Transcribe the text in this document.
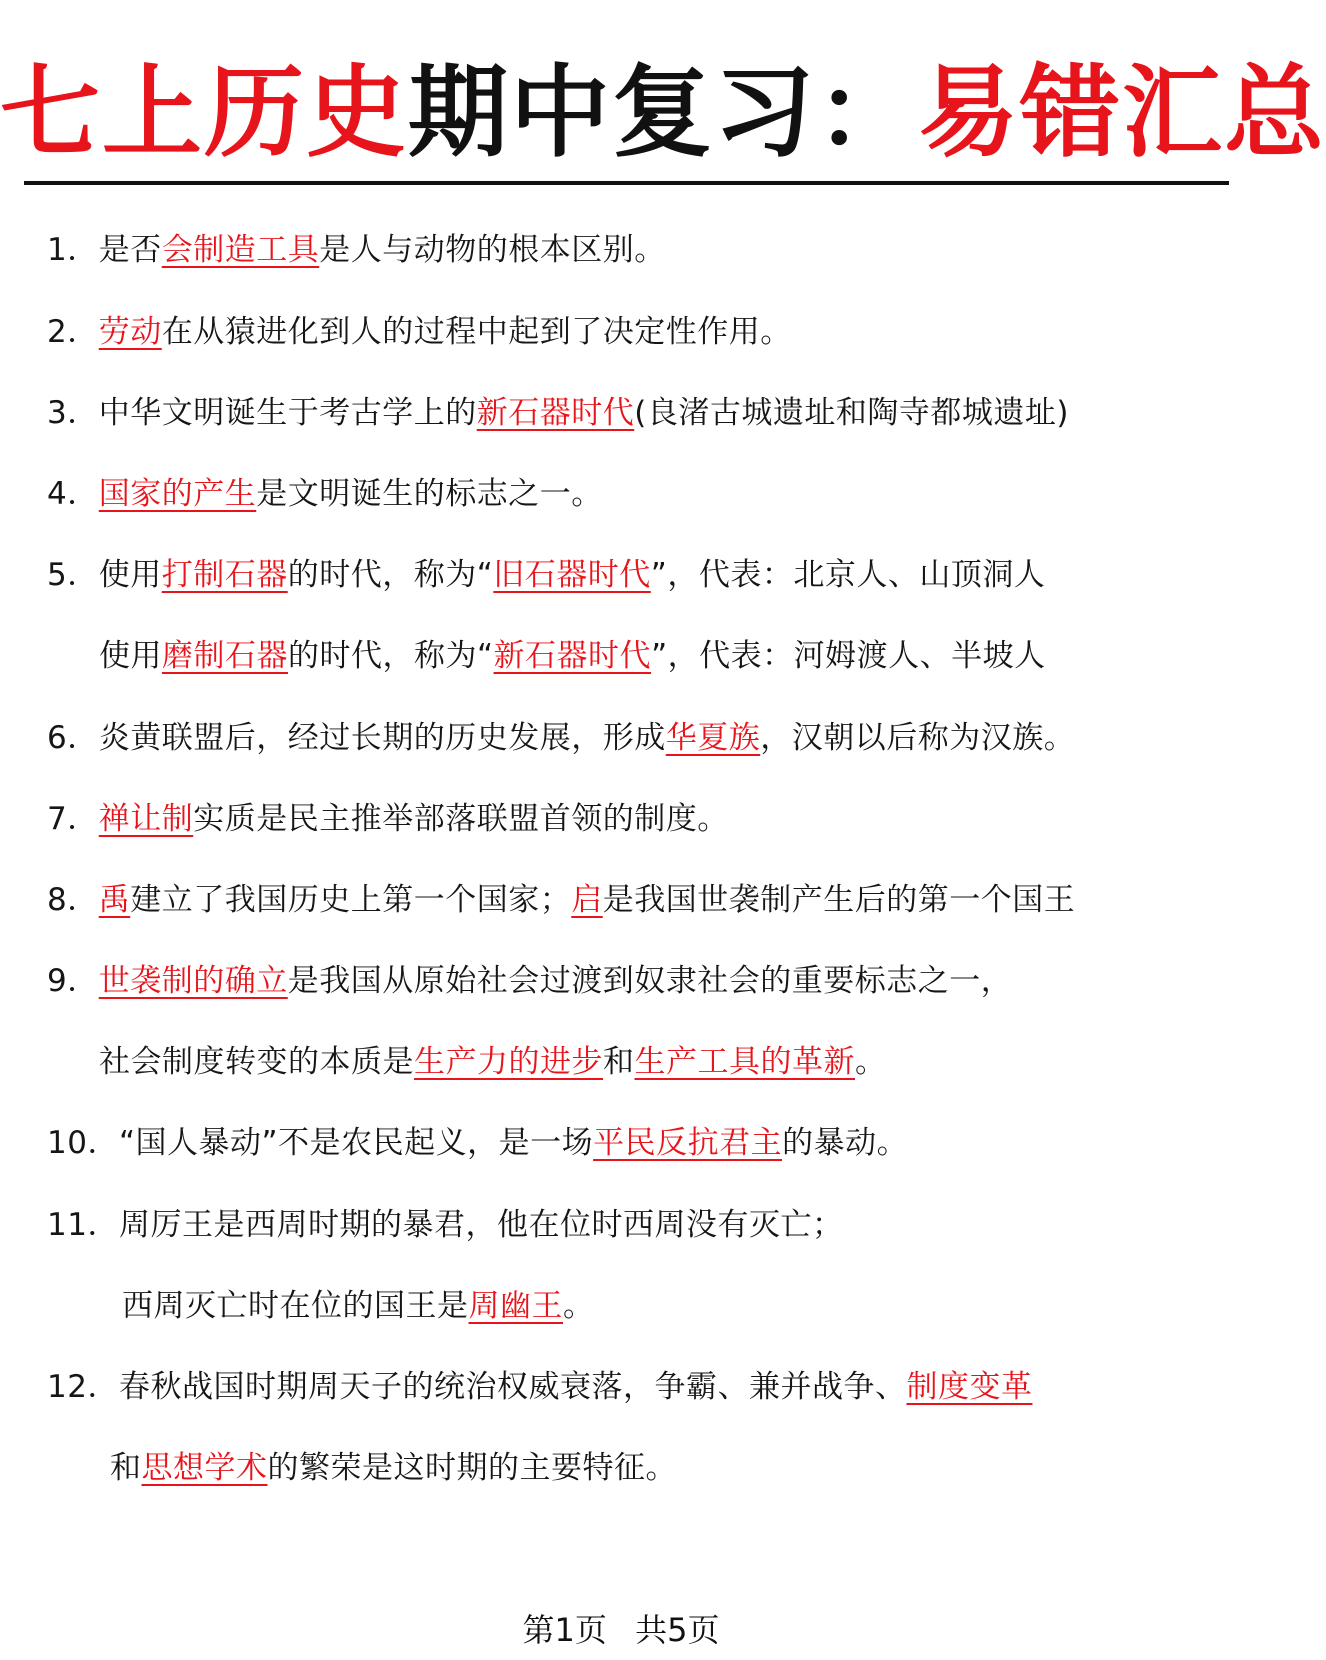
七上历史期中复习：易错汇总
1．是否会制造工具是人与动物的根本区别。
2．劳动在从猿进化到人的过程中起到了决定性作用。
3．中华文明诞生于考古学上的新石器时代(良渚古城遗址和陶寺都城遗址)
4．国家的产生是文明诞生的标志之一。
5．使用打制石器的时代，称为“旧石器时代”，代表：北京人、山顶洞人
使用磨制石器的时代，称为“新石器时代”，代表：河姆渡人、半坡人
6．炎黄联盟后，经过长期的历史发展，形成华夏族，汉朝以后称为汉族。
7．禅让制实质是民主推举部落联盟首领的制度。
8．禹建立了我国历史上第一个国家；启是我国世袭制产生后的第一个国王
9．世袭制的确立是我国从原始社会过渡到奴隶社会的重要标志之一，
社会制度转变的本质是生产力的进步和生产工具的革新。
10．“国人暴动”不是农民起义，是一场平民反抗君主的暴动。
11．周厉王是西周时期的暴君，他在位时西周没有灭亡；
西周灭亡时在位的国王是周幽王。
12．春秋战国时期周天子的统治权威衰落，争霸、兼并战争、制度变革
和思想学术的繁荣是这时期的主要特征。
第1页 共5页
